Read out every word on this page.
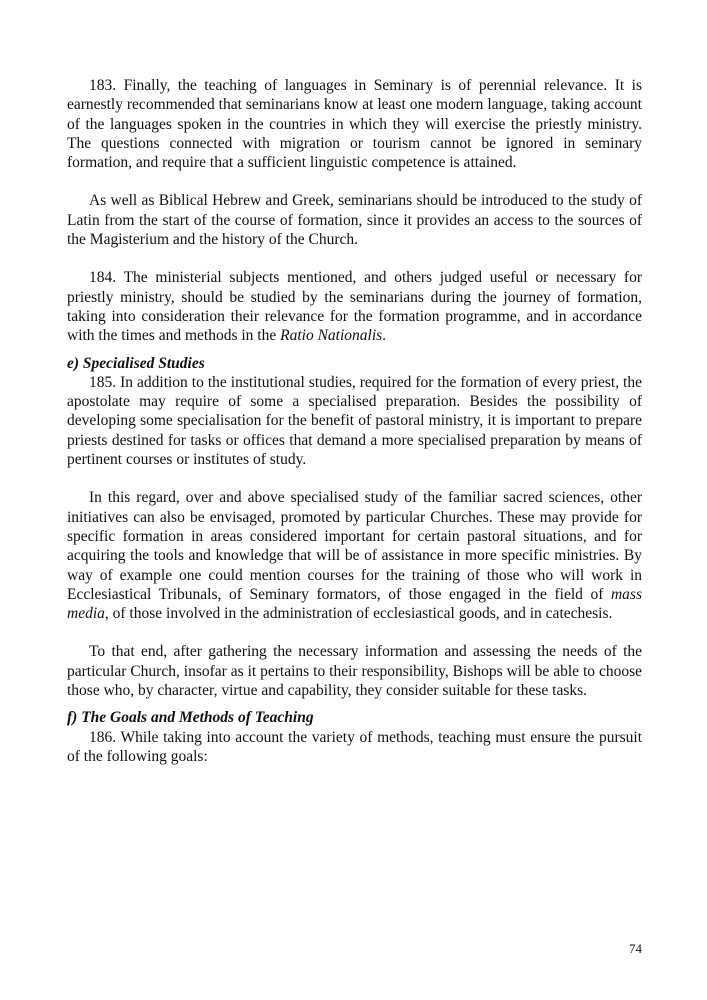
183. Finally, the teaching of languages in Seminary is of perennial relevance. It is earnestly recommended that seminarians know at least one modern language, taking account of the languages spoken in the countries in which they will exercise the priestly ministry. The questions connected with migration or tourism cannot be ignored in seminary formation, and require that a sufficient linguistic competence is attained.

As well as Biblical Hebrew and Greek, seminarians should be introduced to the study of Latin from the start of the course of formation, since it provides an access to the sources of the Magisterium and the history of the Church.

184. The ministerial subjects mentioned, and others judged useful or necessary for priestly ministry, should be studied by the seminarians during the journey of formation, taking into consideration their relevance for the formation programme, and in accordance with the times and methods in the Ratio Nationalis.

e) Specialised Studies

185. In addition to the institutional studies, required for the formation of every priest, the apostolate may require of some a specialised preparation. Besides the possibility of developing some specialisation for the benefit of pastoral ministry, it is important to prepare priests destined for tasks or offices that demand a more specialised preparation by means of pertinent courses or institutes of study.

In this regard, over and above specialised study of the familiar sacred sciences, other initiatives can also be envisaged, promoted by particular Churches. These may provide for specific formation in areas considered important for certain pastoral situations, and for acquiring the tools and knowledge that will be of assistance in more specific ministries. By way of example one could mention courses for the training of those who will work in Ecclesiastical Tribunals, of Seminary formators, of those engaged in the field of mass media, of those involved in the administration of ecclesiastical goods, and in catechesis.

To that end, after gathering the necessary information and assessing the needs of the particular Church, insofar as it pertains to their responsibility, Bishops will be able to choose those who, by character, virtue and capability, they consider suitable for these tasks.

f) The Goals and Methods of Teaching

186. While taking into account the variety of methods, teaching must ensure the pursuit of the following goals:

74
